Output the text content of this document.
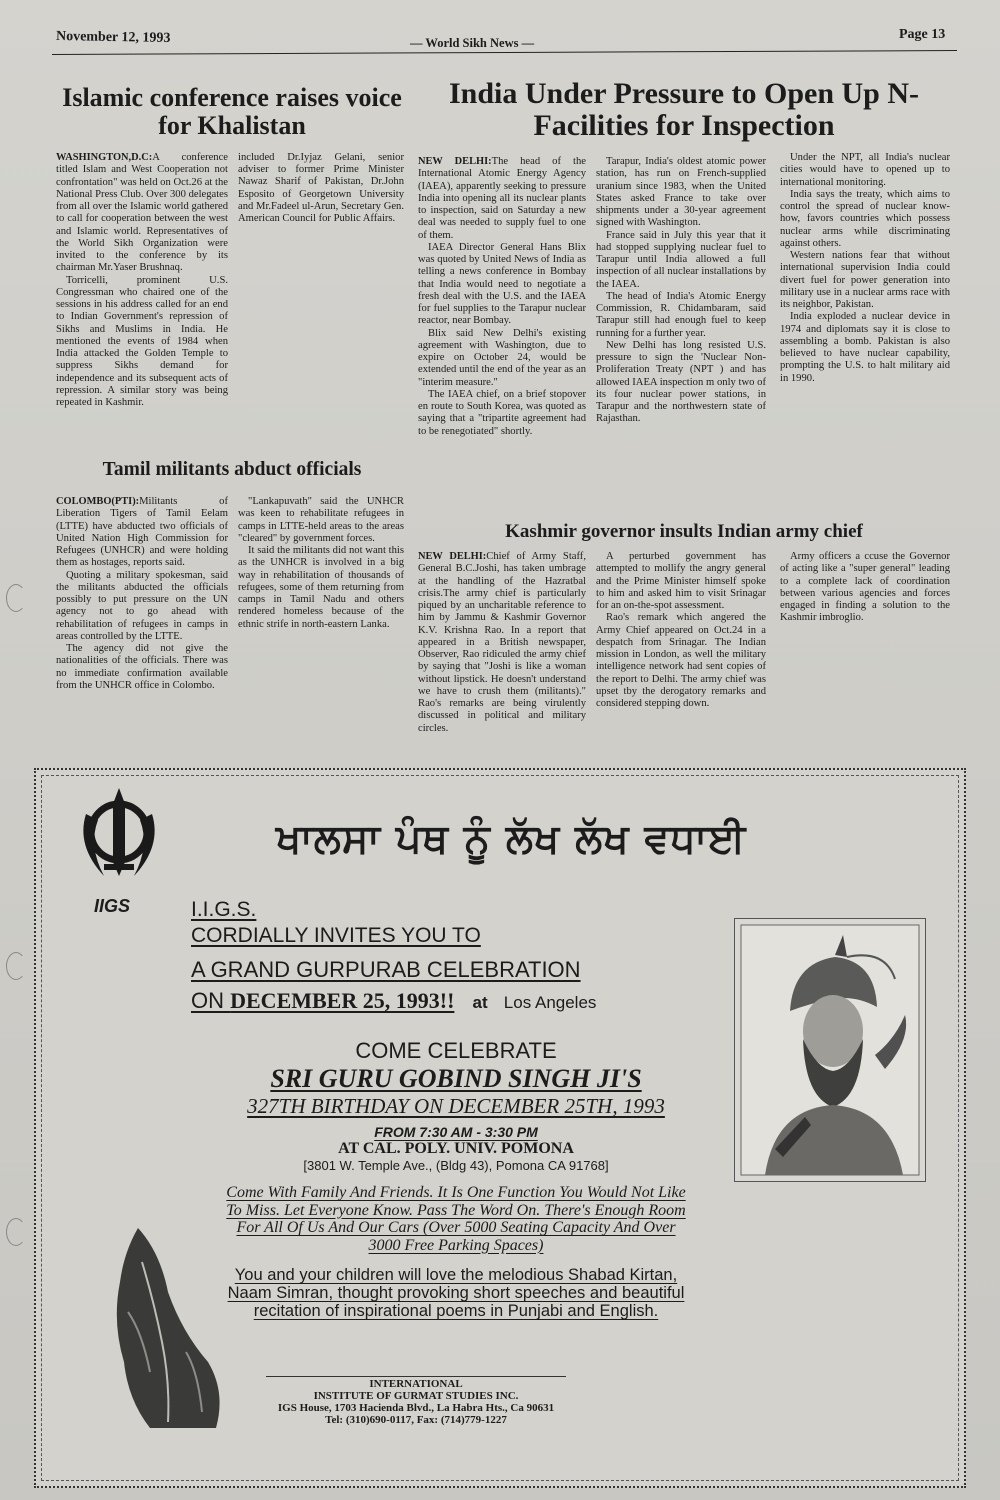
November 12, 1993	— World Sikh News —
Page 13
Islamic conference raises voice for Khalistan

WASHINGTON,D.C:A conference titled Islam and West Cooperation not confrontation" was held on Oct.26 at the National Press Club. Over 300 delegates from all over the Islamic world gathered to call for cooperation between the west and Islamic world. Representatives of the World Sikh Organization were invited to the conference by its chairman Mr.Yaser Brushnaq.

Torricelli, prominent U.S. Congressman who chaired one of the sessions in his address called for an end to Indian Government's repression of Sikhs and Muslims in India. He mentioned the events of 1984 when India attacked the Golden Temple to suppress Sikhs demand for independence and its subsequent acts of repression. A similar story was being repeated in Kashmir.

included Dr.Iyjaz Gelani, senior adviser to former Prime Minister Nawaz Sharif of Pakistan, Dr.John Esposito of Georgetown University and Mr.Fadeel ul-Arun, Secretary Gen. American Council for Public Affairs.

Tamil militants abduct officials

COLOMBO(PTI):Militants of Liberation Tigers of Tamil Eelam (LTTE) have abducted two officials of United Nation High Commission for Refugees (UNHCR) and were holding them as hostages, reports said.

Quoting a military spokesman, said the militants abducted the officials possibly to put pressure on the UN agency not to go ahead with rehabilitation of refugees in camps in areas controlled by the LTTE.

The agency did not give the nationalities of the officials. There was no immediate confirmation available from the UNHCR office in Colombo.

"Lankapuvath" said the UNHCR was keen to rehabilitate refugees in camps in LTTE-held areas to the areas "cleared" by government forces.

It said the militants did not want this as the UNHCR is involved in a big way in rehabilitation of thousands of refugees, some of them returning from camps in Tamil Nadu and others rendered homeless because of the ethnic strife in north-eastern Lanka.

India Under Pressure to Open Up N-Facilities for Inspection

NEW DELHI:The head of the International Atomic Energy Agency (IAEA), apparently seeking to pressure India into opening all its nuclear plants to inspection, said on Saturday a new deal was needed to supply fuel to one of them.

IAEA Director General Hans Blix was quoted by United News of India as telling a news conference in Bombay that India would need to negotiate a fresh deal with the U.S. and the IAEA for fuel supplies to the Tarapur nuclear reactor, near Bombay.

Blix said New Delhi's existing agreement with Washington, due to expire on October 24, would be extended until the end of the year as an "interim measure."

The IAEA chief, on a brief stopover en route to South Korea, was quoted as saying that a "tripartite agreement had to be renegotiated" shortly.

Tarapur, India's oldest atomic power station, has run on French-supplied uranium since 1983, when the United States asked France to take over shipments under a 30-year agreement signed with Washington.

France said in July this year that it had stopped supplying nuclear fuel to Tarapur until India allowed a full inspection of all nuclear installations by the IAEA.

The head of India's Atomic Energy Commission, R. Chidambaram, said Tarapur still had enough fuel to keep running for a further year.

New Delhi has long resisted U.S. pressure to sign the 'Nuclear Non-Proliferation Treaty (NPT ) and has allowed IAEA inspection m only two of its four nuclear power stations, in Tarapur and the northwestern state of Rajasthan.

Under the NPT, all India's nuclear cities would have to opened up to international monitoring.

India says the treaty, which aims to control the spread of nuclear know-how, favors countries which possess nuclear arms while discriminating against others.

Western nations fear that without international supervision India could divert fuel for power generation into military use in a nuclear arms race with its neighbor, Pakistan.

India exploded a nuclear device in 1974 and diplomats say it is close to assembling a bomb. Pakistan is also believed to have nuclear capability, prompting the U.S. to halt military aid in 1990.

Kashmir governor insults Indian army chief

NEW DELHI:Chief of Army Staff, General B.C.Joshi, has taken umbrage at the handling of the Hazratbal crisis.The army chief is particularly piqued by an uncharitable reference to him by Jammu & Kashmir Governor K.V. Krishna Rao. In a report that appeared in a British newspaper, Observer, Rao ridiculed the army chief by saying that "Joshi is like a woman without lipstick. He doesn't understand we have to crush them (militants)." Rao's remarks are being virulently discussed in political and military circles.

A perturbed government has attempted to mollify the angry general and the Prime Minister himself spoke to him and asked him to visit Srinagar for an on-the-spot assessment.

Rao's remark which angered the Army Chief appeared on Oct.24 in a despatch from Srinagar. The Indian mission in London, as well the military intelligence network had sent copies of the report to Delhi. The army chief was upset tby the derogatory remarks and considered stepping down.

Army officers a ccuse the Governor of acting like a "super general" leading to a complete lack of coordination between various agencies and forces engaged in finding a solution to the Kashmir imbroglio.

IIGS
ਖਾਲਸਾ ਪੰਥ ਨੂੰ ਲੱਖ ਲੱਖ ਵਧਾਈ
I.I.G.S.
CORDIALLY INVITES YOU TO
A GRAND GURPURAB CELEBRATION
ON DECEMBER 25, 1993!! at Los Angeles
COME CELEBRATE
SRI GURU GOBIND SINGH JI'S
327TH BIRTHDAY ON DECEMBER 25TH, 1993
FROM 7:30 AM - 3:30 PM
AT CAL. POLY. UNIV. POMONA
[3801 W. Temple Ave., (Bldg 43), Pomona CA 91768]
Come With Family And Friends. It Is One Function You Would Not Like
To Miss. Let Everyone Know. Pass The Word On. There's Enough Room
For All Of Us And Our Cars (Over 5000 Seating Capacity And Over
3000 Free Parking Spaces)
You and your children will love the melodious Shabad Kirtan,
Naam Simran, thought provoking short speeches and beautiful
recitation of inspirational poems in Punjabi and English.
INTERNATIONAL
INSTITUTE OF GURMAT STUDIES INC.
IGS House, 1703 Hacienda Blvd., La Habra Hts., Ca 90631
Tel: (310)690-0117, Fax: (714)779-1227
